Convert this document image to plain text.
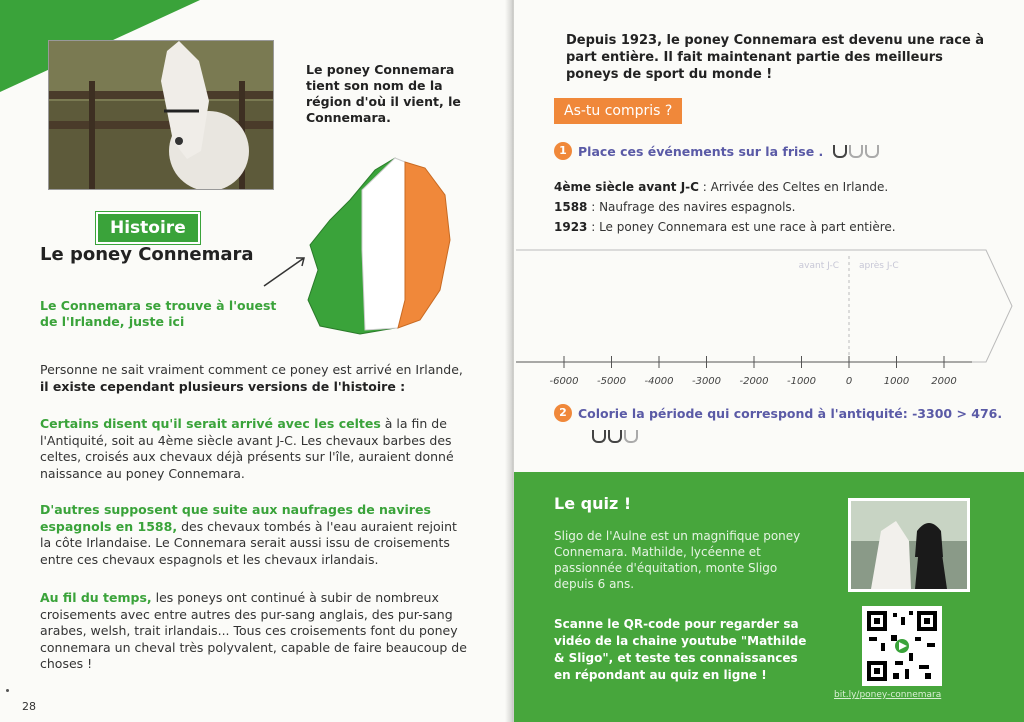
Le poney Connemara tient son nom de la région d'où il vient, le Connemara.
Histoire
Le poney Connemara
Le Connemara se trouve à l'ouest de l'Irlande, juste ici
Personne ne sait vraiment comment ce poney est arrivé en Irlande, il existe cependant plusieurs versions de l'histoire :
Certains disent qu'il serait arrivé avec les celtes à la fin de l'Antiquité, soit au 4ème siècle avant J-C. Les chevaux barbes des celtes, croisés aux chevaux déjà présents sur l'île, auraient donné naissance au poney Connemara.
D'autres supposent que suite aux naufrages de navires espagnols en 1588, des chevaux tombés à l'eau auraient rejoint la côte Irlandaise. Le Connemara serait aussi issu de croisements entre ces chevaux espagnols et les chevaux irlandais.
Au fil du temps, les poneys ont continué à subir de nombreux croisements avec entre autres des pur-sang anglais, des pur-sang arabes, welsh, trait irlandais... Tous ces croisements font du poney connemara un cheval très polyvalent, capable de faire beaucoup de choses !
28
Depuis 1923, le poney Connemara est devenu une race à part entière. Il fait maintenant partie des meilleurs poneys de sport du monde !
As-tu compris ?
1 Place ces événements sur la frise .
4ème siècle avant J-C : Arrivée des Celtes en Irlande.
1588 : Naufrage des navires espagnols.
1923 : Le poney Connemara est une race à part entière.
avant J-C après J-C
-6000 -5000 -4000 -3000 -2000 -1000	0	1000 2000
2 Colorie la période qui correspond à l'antiquité: -3300 > 476.
Le quiz !
Sligo de l'Aulne est un magnifique poney Connemara. Mathilde, lycéenne et passionnée d'équitation, monte Sligo depuis 6 ans.
Scanne le QR-code pour regarder sa vidéo de la chaine youtube "Mathilde & Sligo", et teste tes connaissances en répondant au quiz en ligne !
bit.ly/poney-connemara
